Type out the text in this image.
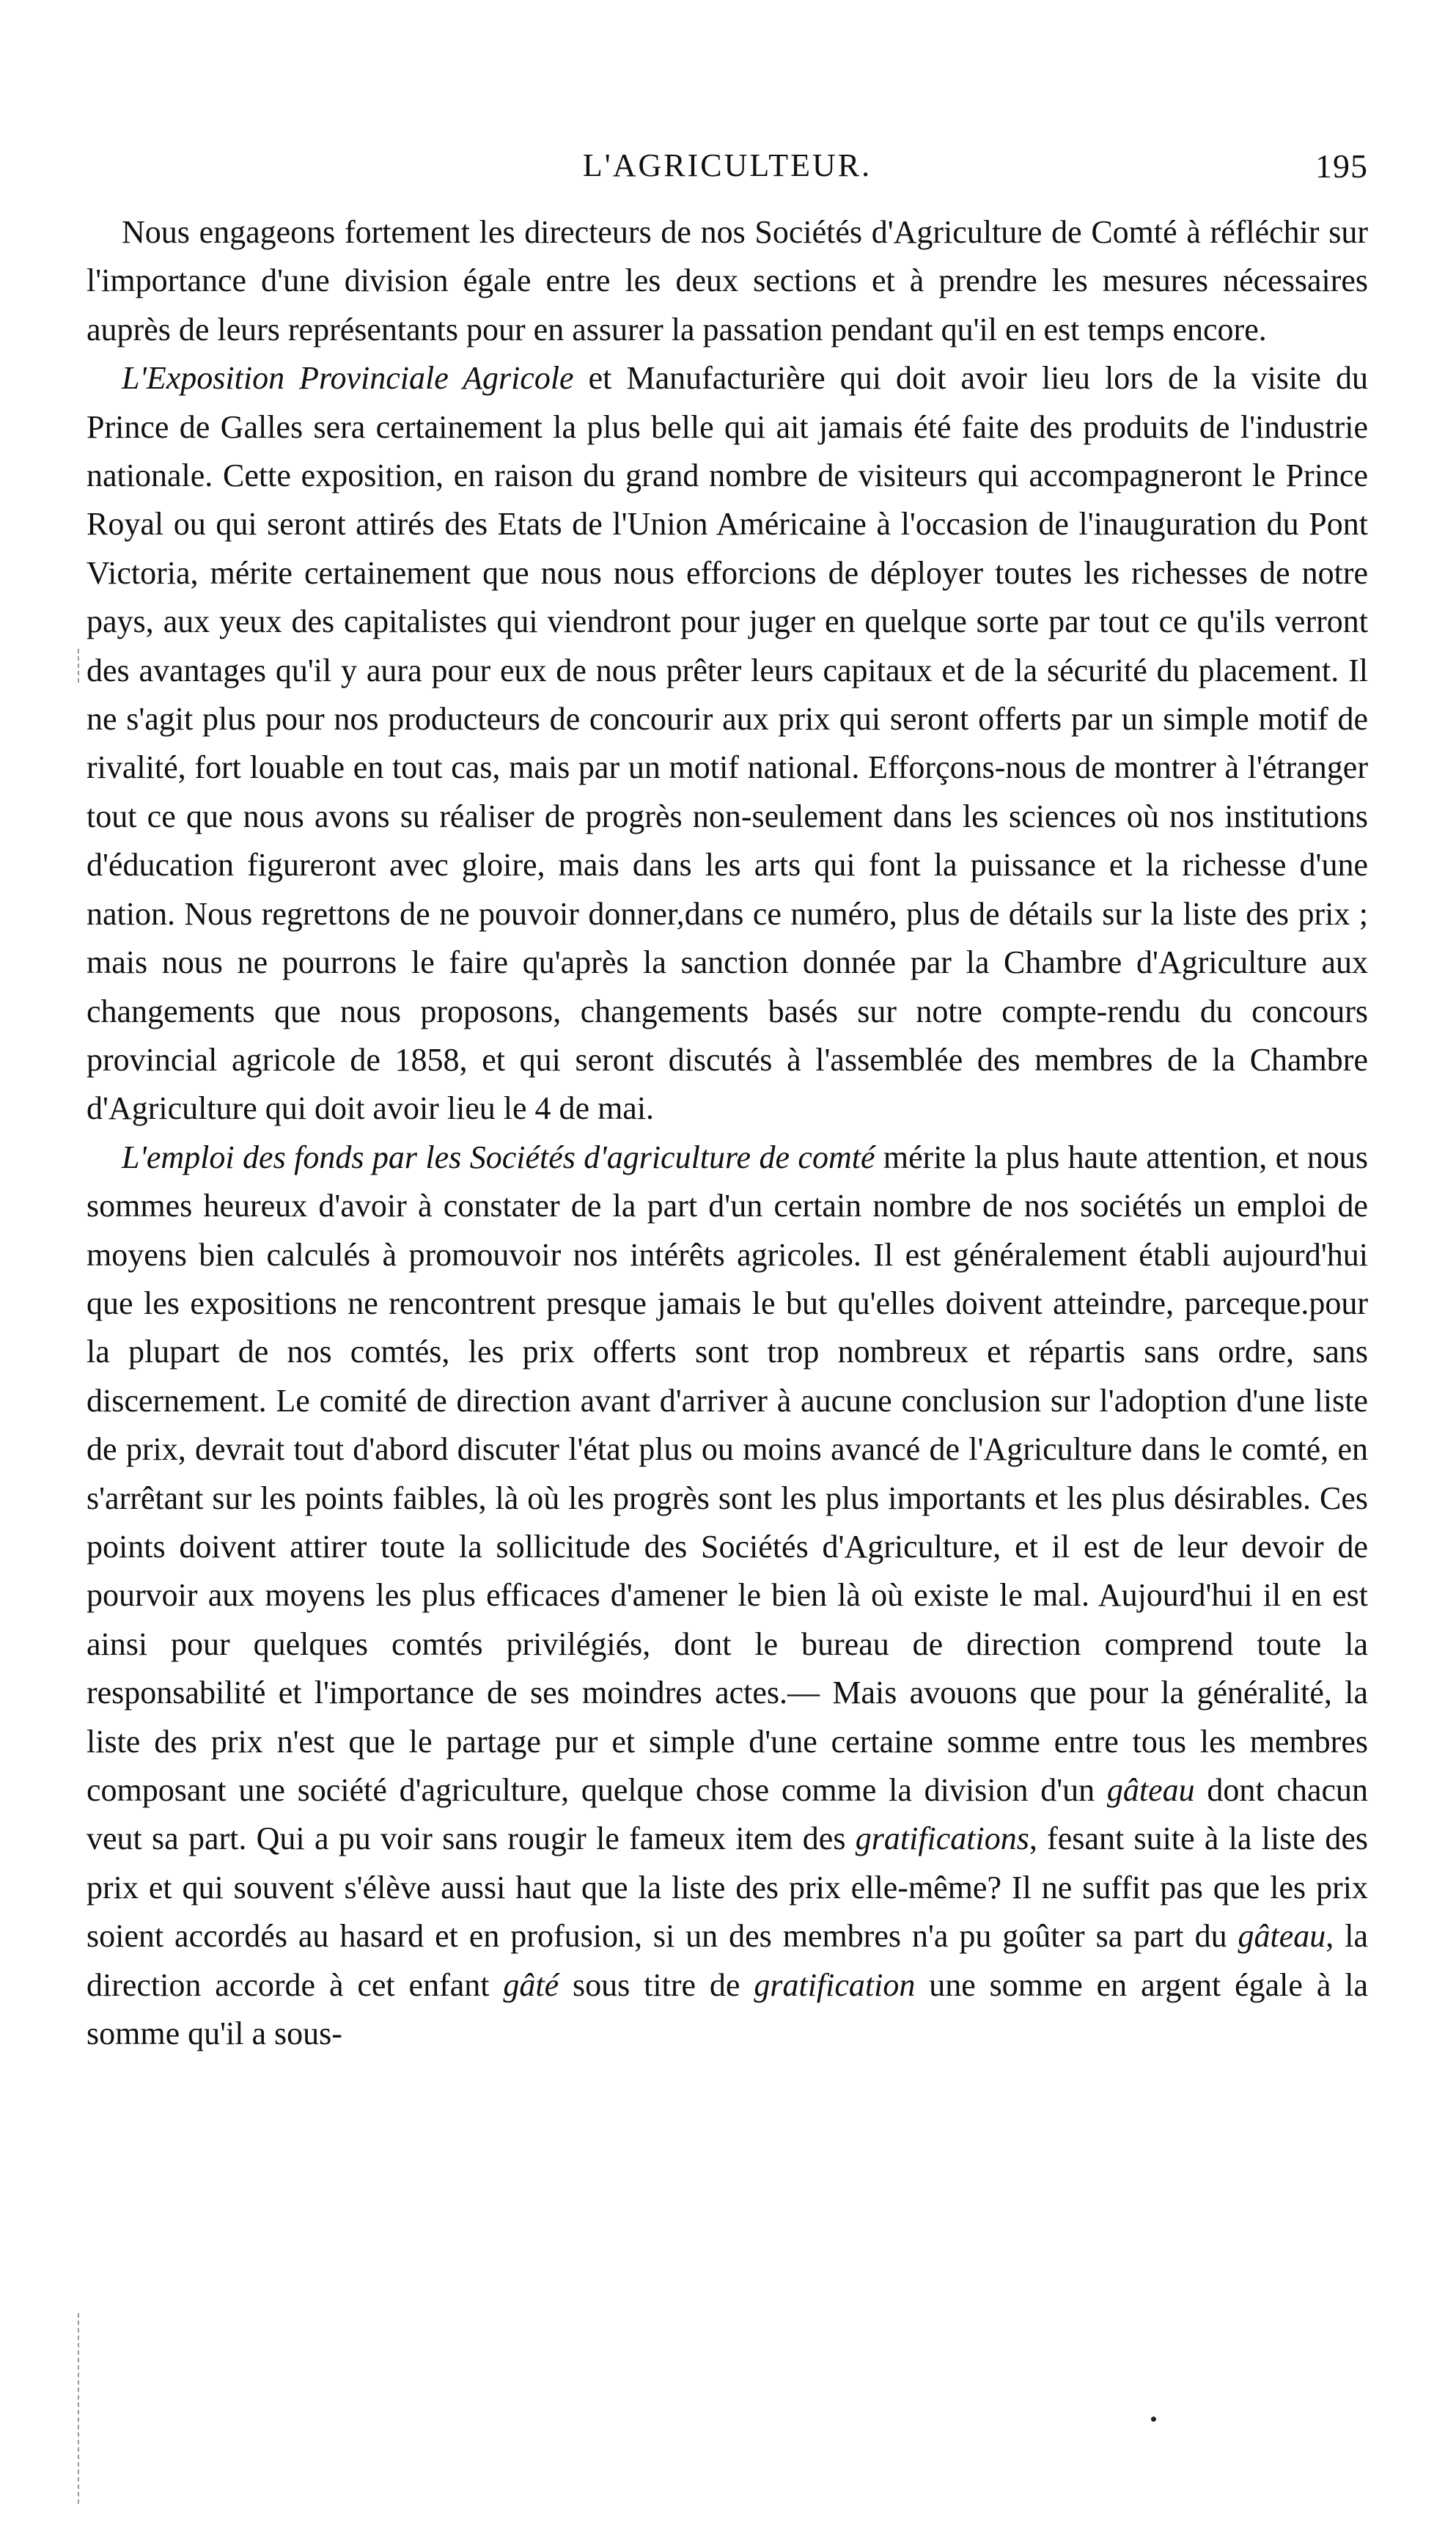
L'AGRICULTEUR.	195

Nous engageons fortement les directeurs de nos Sociétés d'Agriculture de Comté à réfléchir sur l'importance d'une division égale entre les deux sections et à prendre les mesures nécessaires auprès de leurs représentants pour en assurer la passation pendant qu'il en est temps encore.

L'Exposition Provinciale Agricole et Manufacturière qui doit avoir lieu lors de la visite du Prince de Galles sera certainement la plus belle qui ait jamais été faite des produits de l'industrie nationale. Cette exposition, en raison du grand nombre de visiteurs qui accompagneront le Prince Royal ou qui seront attirés des Etats de l'Union Américaine à l'occasion de l'inauguration du Pont Victoria, mérite certainement que nous nous efforcions de déployer toutes les richesses de notre pays, aux yeux des capitalistes qui viendront pour juger en quelque sorte par tout ce qu'ils verront des avantages qu'il y aura pour eux de nous prêter leurs capitaux et de la sécurité du placement. Il ne s'agit plus pour nos producteurs de concourir aux prix qui seront offerts par un simple motif de rivalité, fort louable en tout cas, mais par un motif national. Efforçons-nous de montrer à l'étranger tout ce que nous avons su réaliser de progrès non-seulement dans les sciences où nos institutions d'éducation figureront avec gloire, mais dans les arts qui font la puissance et la richesse d'une nation. Nous regrettons de ne pouvoir donner,dans ce numéro, plus de détails sur la liste des prix ; mais nous ne pourrons le faire qu'après la sanction donnée par la Chambre d'Agriculture aux changements que nous proposons, changements basés sur notre compte-rendu du concours provincial agricole de 1858, et qui seront discutés à l'assemblée des membres de la Chambre d'Agriculture qui doit avoir lieu le 4 de mai.

L'emploi des fonds par les Sociétés d'agriculture de comté mérite la plus haute attention, et nous sommes heureux d'avoir à constater de la part d'un certain nombre de nos sociétés un emploi de moyens bien calculés à promouvoir nos intérêts agricoles. Il est généralement établi aujourd'hui que les expositions ne rencontrent presque jamais le but qu'elles doivent atteindre, parceque.pour la plupart de nos comtés, les prix offerts sont trop nombreux et répartis sans ordre, sans discernement. Le comité de direction avant d'arriver à aucune conclusion sur l'adoption d'une liste de prix, devrait tout d'abord discuter l'état plus ou moins avancé de l'Agriculture dans le comté, en s'arrêtant sur les points faibles, là où les progrès sont les plus importants et les plus désirables. Ces points doivent attirer toute la sollicitude des Sociétés d'Agriculture, et il est de leur devoir de pourvoir aux moyens les plus efficaces d'amener le bien là où existe le mal. Aujourd'hui il en est ainsi pour quelques comtés privilégiés, dont le bureau de direction comprend toute la responsabilité et l'importance de ses moindres actes.— Mais avouons que pour la généralité, la liste des prix n'est que le partage pur et simple d'une certaine somme entre tous les membres composant une société d'agriculture, quelque chose comme la division d'un gâteau dont chacun veut sa part. Qui a pu voir sans rougir le fameux item des gratifications, fesant suite à la liste des prix et qui souvent s'élève aussi haut que la liste des prix elle-même? Il ne suffit pas que les prix soient accordés au hasard et en profusion, si un des membres n'a pu goûter sa part du gâteau, la direction accorde à cet enfant gâté sous titre de gratification une somme en argent égale à la somme qu'il a sous-
